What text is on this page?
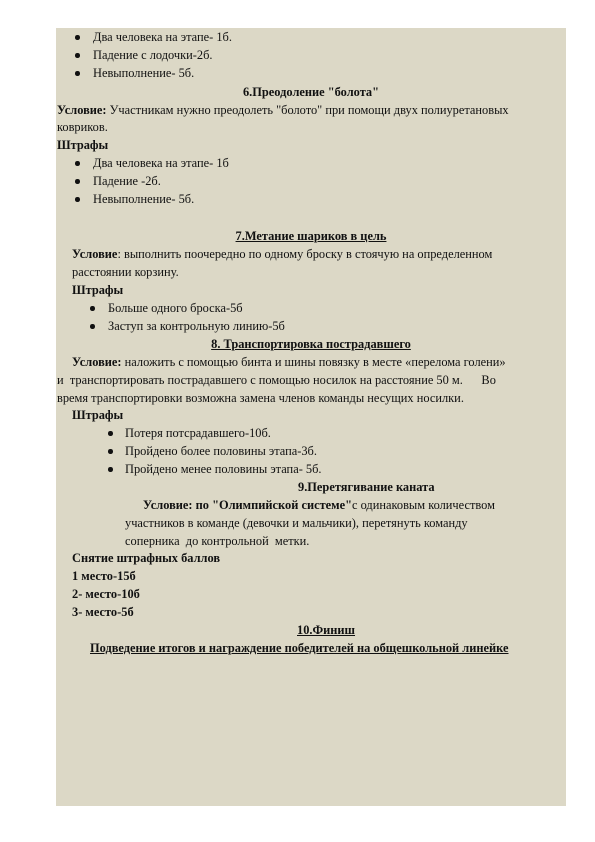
Два человека на этапе- 1б.
Падение с лодочки-2б.
Невыполнение- 5б.
6.Преодоление "болота"
Условие: Участникам нужно преодолеть "болото" при помощи двух полиуретановых
ковриков.
Штрафы
Два человека на этапе- 1б
Падение -2б.
Невыполнение- 5б.
7.Метание шариков в цель
Условие: выполнить поочередно по одному броску в стоячую на определенном
расстоянии корзину.
Штрафы
Больше одного броска-5б
Заступ за контрольную линию-5б
8. Транспортировка пострадавшего
Условие: наложить с помощью бинта и шины повязку в месте «перелома голени»
и  транспортировать пострадавшего с помощью носилок на расстояние 50 м.      Во
время транспортировки возможна замена членов команды несущих носилки.
Штрафы
Потеря потсрадавшего-10б.
Пройдено более половины этапа-3б.
Пройдено менее половины этапа- 5б.
9.Перетягивание каната
Условие: по "Олимпийской системе"с одинаковым количеством
участников в команде (девочки и мальчики), перетянуть команду
соперника  до контрольной  метки.
Снятие штрафных баллов
1 место-15б
2- место-10б
3- место-5б
10.Финиш
Подведение итогов и награждение победителей на общешкольной линейке
